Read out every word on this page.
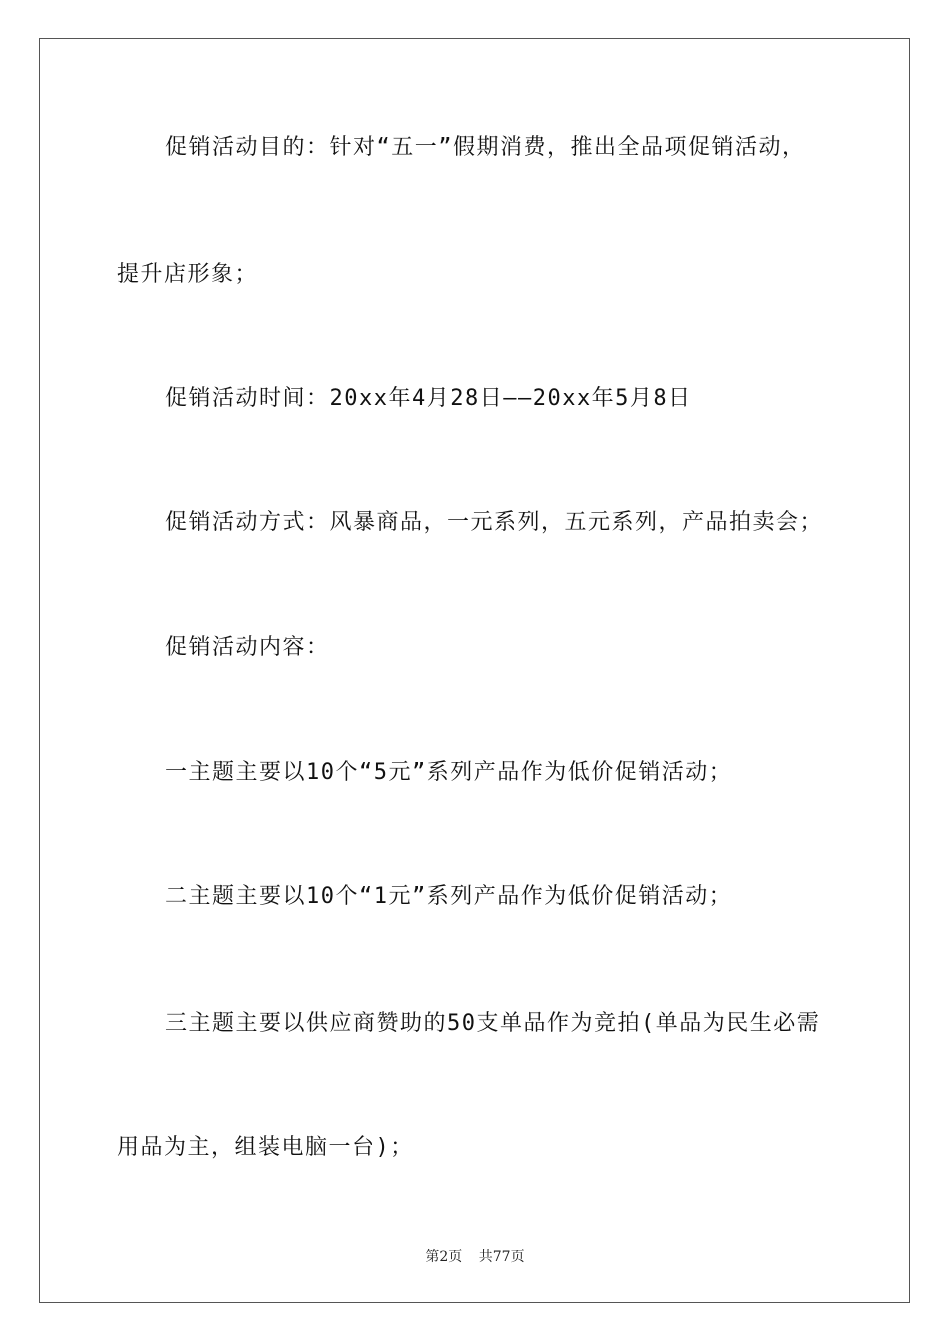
促销活动目的：针对“五一”假期消费，推出全品项促销活动，
提升店形象；
促销活动时间：20xx年4月28日——20xx年5月8日
促销活动方式：风暴商品，一元系列，五元系列，产品拍卖会；
促销活动内容：
一主题主要以10个“5元”系列产品作为低价促销活动；
二主题主要以10个“1元”系列产品作为低价促销活动；
三主题主要以供应商赞助的50支单品作为竞拍(单品为民生必需
用品为主，组装电脑一台)；
第2页 共77页
